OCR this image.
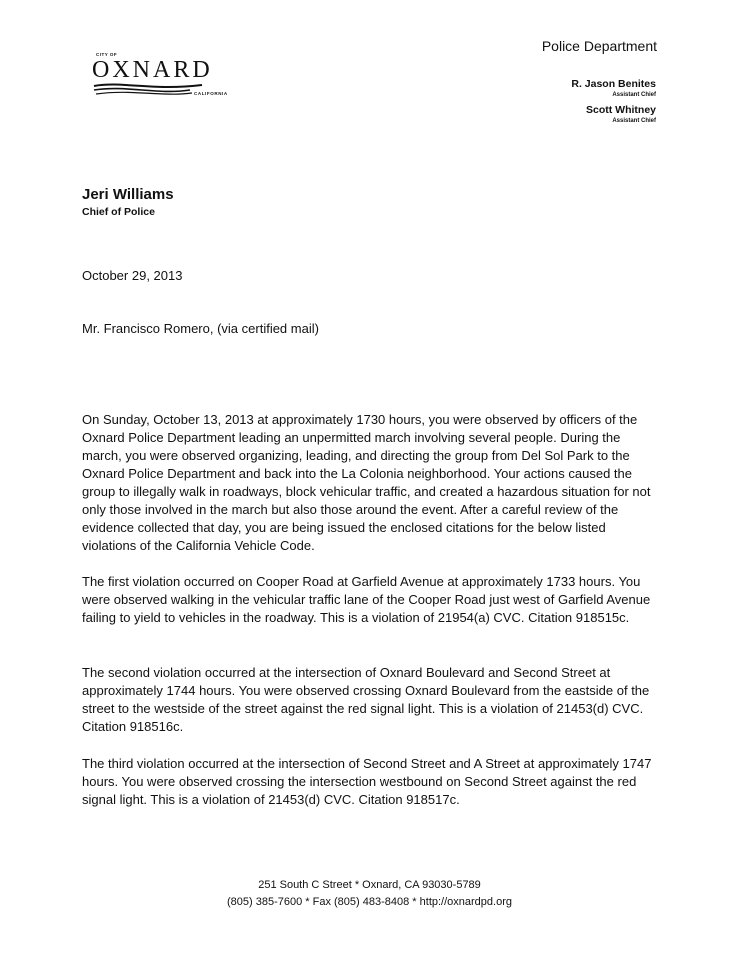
CITY OF
OXNARD
CALIFORNIA
Police Department
R. Jason Benites
Assistant Chief
Scott Whitney
Assistant Chief
Jeri Williams
Chief of Police
October 29, 2013
Mr. Francisco Romero, (via certified mail)

On Sunday, October 13, 2013 at approximately 1730 hours, you were observed by officers of the Oxnard Police Department leading an unpermitted march involving several people. During the march, you were observed organizing, leading, and directing the group from Del Sol Park to the Oxnard Police Department and back into the La Colonia neighborhood. Your actions caused the group to illegally walk in roadways, block vehicular traffic, and created a hazardous situation for not only those involved in the march but also those around the event. After a careful review of the evidence collected that day, you are being issued the enclosed citations for the below listed violations of the California Vehicle Code.

The first violation occurred on Cooper Road at Garfield Avenue at approximately 1733 hours. You were observed walking in the vehicular traffic lane of the Cooper Road just west of Garfield Avenue failing to yield to vehicles in the roadway. This is a violation of 21954(a) CVC. Citation 918515c.

The second violation occurred at the intersection of Oxnard Boulevard and Second Street at approximately 1744 hours. You were observed crossing Oxnard Boulevard from the eastside of the street to the westside of the street against the red signal light. This is a violation of 21453(d) CVC. Citation 918516c.

The third violation occurred at the intersection of Second Street and A Street at approximately 1747 hours. You were observed crossing the intersection westbound on Second Street against the red signal light. This is a violation of 21453(d) CVC. Citation 918517c.

251 South C Street * Oxnard, CA 93030-5789
(805) 385-7600 * Fax (805) 483-8408 * http://oxnardpd.org
